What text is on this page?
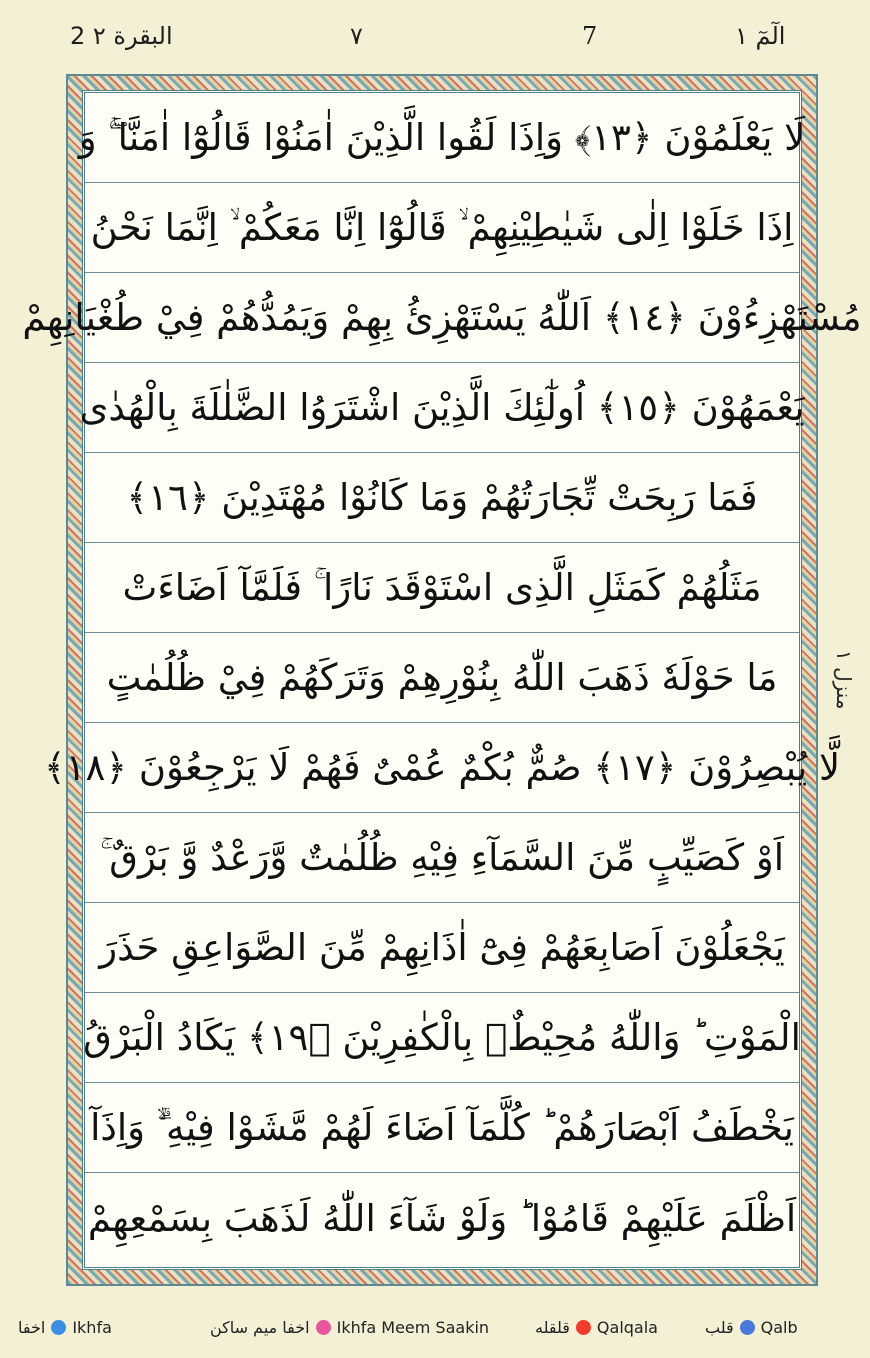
2 البقرة ٢	٧	7	الٓمٓ ١
لَا يَعْلَمُوْنَ ﴿١٣﴾ وَاِذَا لَقُوا الَّذِيْنَ اٰمَنُوْا قَالُوْٓا اٰمَنَّا ۚۖ وَ
اِذَا خَلَوْا اِلٰى شَيٰطِيْنِهِمْ ۙ قَالُوْٓا اِنَّا مَعَكُمْ ۙ اِنَّمَا نَحْنُ
مُسْتَهْزِءُوْنَ ﴿١٤﴾ اَللّٰهُ يَسْتَهْزِئُ بِهِمْ وَيَمُدُّهُمْ فِيْ طُغْيَانِهِمْ
يَعْمَهُوْنَ ﴿١٥﴾ اُولٰٓئِكَ الَّذِيْنَ اشْتَرَوُا الضَّلٰلَةَ بِالْهُدٰى
فَمَا رَبِحَتْ تِّجَارَتُهُمْ وَمَا كَانُوْا مُهْتَدِيْنَ ﴿١٦﴾
مَثَلُهُمْ كَمَثَلِ الَّذِى اسْتَوْقَدَ نَارًا ۚ فَلَمَّآ اَضَاءَتْ
مَا حَوْلَهٗ ذَهَبَ اللّٰهُ بِنُوْرِهِمْ وَتَرَكَهُمْ فِيْ ظُلُمٰتٍ
لَّا يُبْصِرُوْنَ ﴿١٧﴾ صُمٌّ بُكْمٌ عُمْىٌ فَهُمْ لَا يَرْجِعُوْنَ ﴿١٨﴾
اَوْ كَصَيِّبٍ مِّنَ السَّمَآءِ فِيْهِ ظُلُمٰتٌ وَّرَعْدٌ وَّ بَرْقٌ ۚ
يَجْعَلُوْنَ اَصَابِعَهُمْ فِىْٓ اٰذَانِهِمْ مِّنَ الصَّوَاعِقِ حَذَرَ
الْمَوْتِ ؕ وَاللّٰهُ مُحِيْطٌۢ بِالْكٰفِرِيْنَ ﴿١٩﴾ يَكَادُ الْبَرْقُ
يَخْطَفُ اَبْصَارَهُمْ ؕ كُلَّمَآ اَضَاءَ لَهُمْ مَّشَوْا فِيْهِ ۙۗ وَاِذَآ
اَظْلَمَ عَلَيْهِمْ قَامُوْا ؕ وَلَوْ شَآءَ اللّٰهُ لَذَهَبَ بِسَمْعِهِمْ
منزل ١
اخفا Ikhfa	اخفا میم ساکن Ikhfa Meem Saakin	قلقله Qalqala	قلب Qalb
